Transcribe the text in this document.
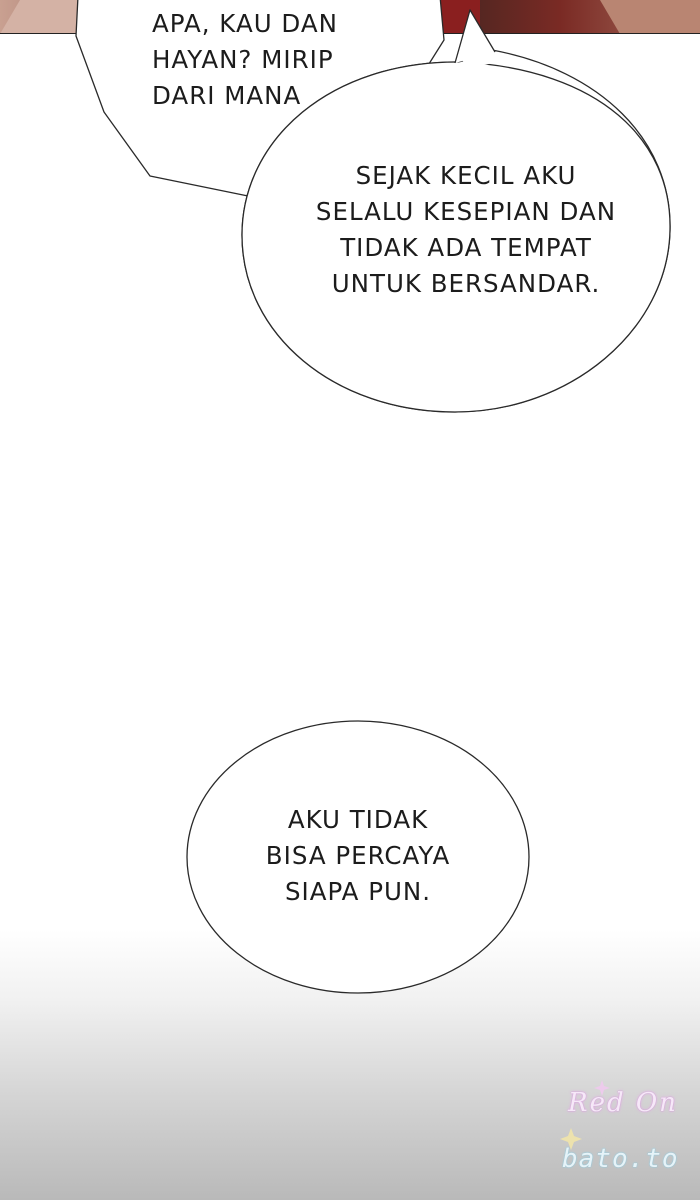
APA, KAU DAN
HAYAN? MIRIP
DARI MANA
SEJAK KECIL AKU
SELALU KESEPIAN DAN
TIDAK ADA TEMPAT
UNTUK BERSANDAR.
AKU TIDAK
BISA PERCAYA
SIAPA PUN.
Red On
bato.to
